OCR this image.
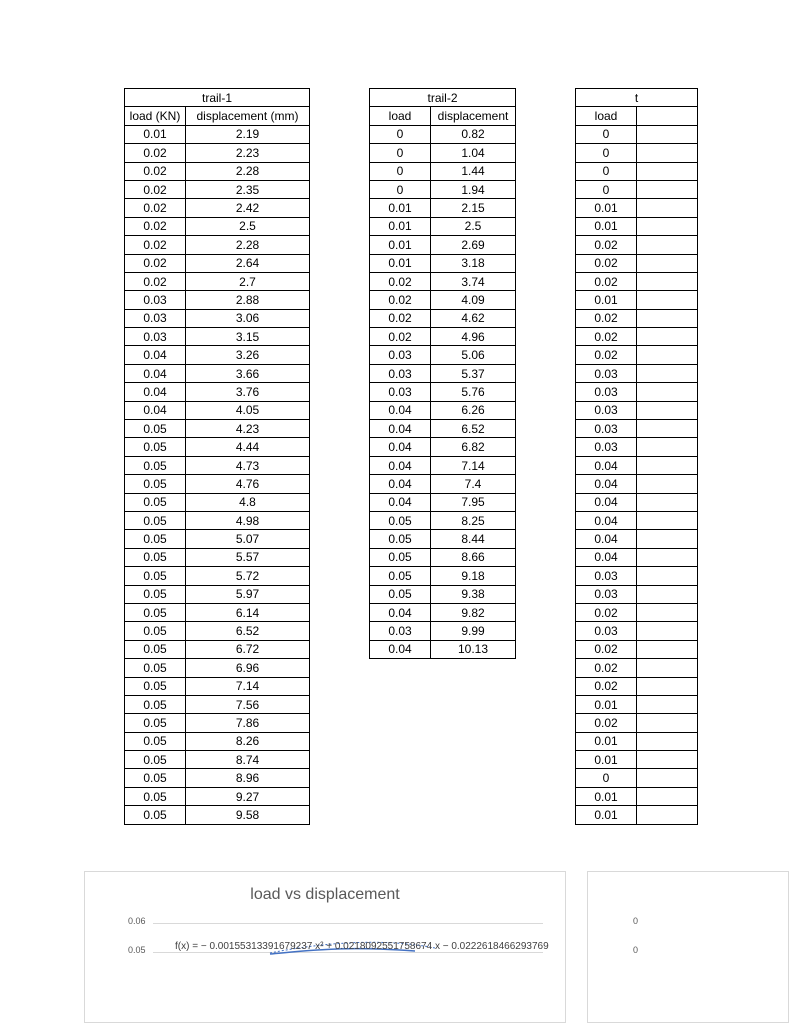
trail-1	
load (KN)	displacement (mm)
0.01	2.19
0.02	2.23
0.02	2.28
0.02	2.35
0.02	2.42
0.02	2.5
0.02	2.28
0.02	2.64
0.02	2.7
0.03	2.88
0.03	3.06
0.03	3.15
0.04	3.26
0.04	3.66
0.04	3.76
0.04	4.05
0.05	4.23
0.05	4.44
0.05	4.73
0.05	4.76
0.05	4.8
0.05	4.98
0.05	5.07
0.05	5.57
0.05	5.72
0.05	5.97
0.05	6.14
0.05	6.52
0.05	6.72
0.05	6.96
0.05	7.14
0.05	7.56
0.05	7.86
0.05	8.26
0.05	8.74
0.05	8.96
0.05	9.27
0.05	9.58
trail-2	
load	displacement
0	0.82
0	1.04
0	1.44
0	1.94
0.01	2.15
0.01	2.5
0.01	2.69
0.01	3.18
0.02	3.74
0.02	4.09
0.02	4.62
0.02	4.96
0.03	5.06
0.03	5.37
0.03	5.76
0.04	6.26
0.04	6.52
0.04	6.82
0.04	7.14
0.04	7.4
0.04	7.95
0.05	8.25
0.05	8.44
0.05	8.66
0.05	9.18
0.05	9.38
0.04	9.82
0.03	9.99
0.04	10.13
t	
load	
0	
0	
0	
0	
0.01	
0.01	
0.02	
0.02	
0.02	
0.01	
0.02	
0.02	
0.02	
0.03	
0.03	
0.03	
0.03	
0.03	
0.04	
0.04	
0.04	
0.04	
0.04	
0.04	
0.03	
0.03	
0.02	
0.03	
0.02	
0.02	
0.02	
0.01	
0.02	
0.01	
0.01	
0	
0.01	
0.01	
load vs displacement
0.06
0.05	f(x) = − 0.00155313391679237 x² + 0.0218092551758674 x − 0.0222618466293769
0
0
